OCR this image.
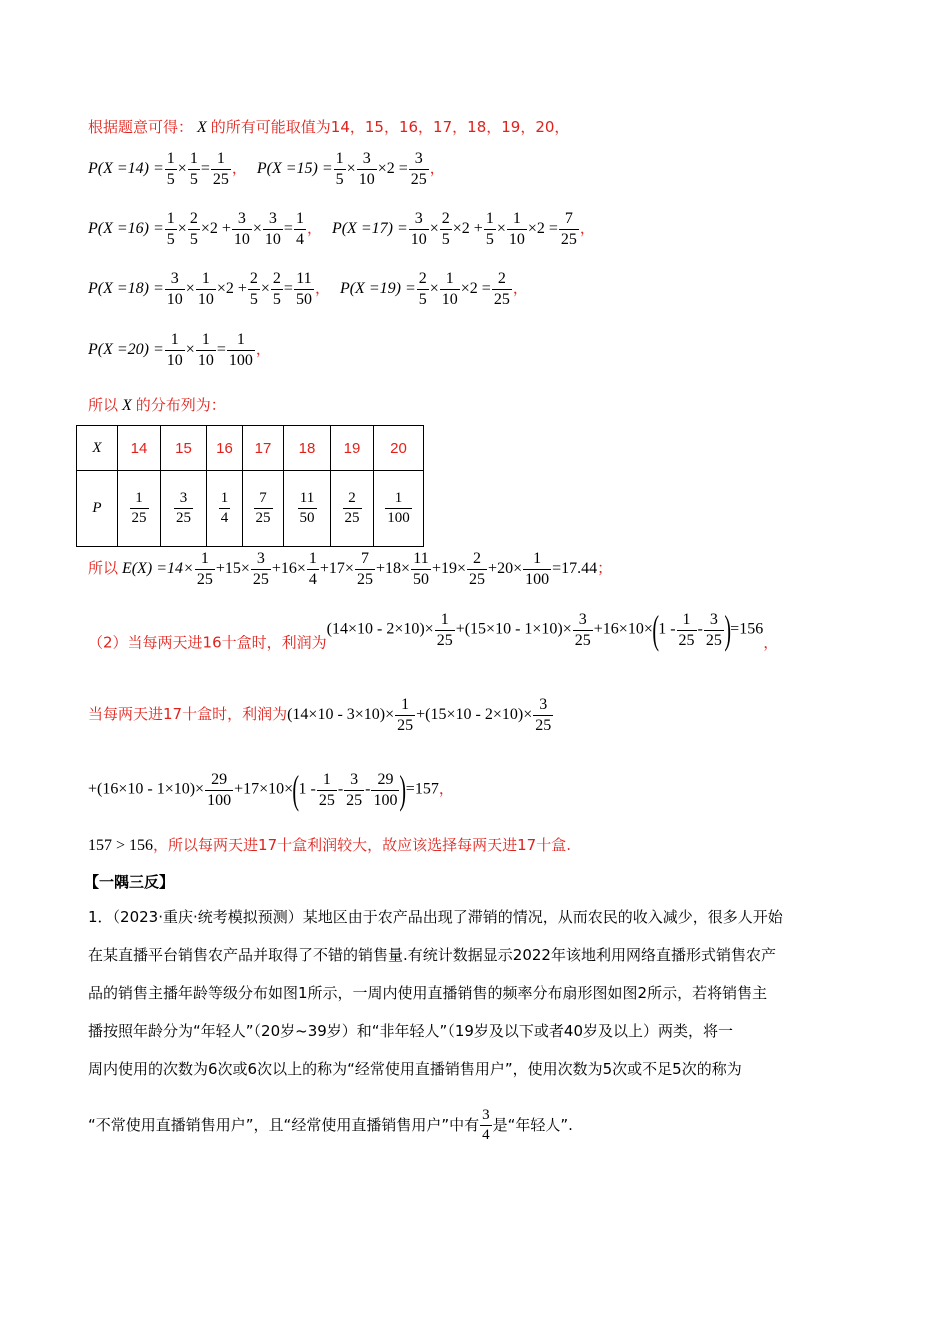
根据题意可得： X 的所有可能取值为14，15，16，17，18，19，20，
$P(X =14) = \frac{1}{5} \times \frac{1}{5} = \frac{1}{25}$ ， $P(X =15) = \frac{1}{5} \times \frac{3}{10} \times 2 = \frac{3}{25}$ ，
$P(X =16) = \frac{1}{5} \times \frac{2}{5} \times 2 + \frac{3}{10} \times \frac{3}{10} = \frac{1}{4}$ ， $P(X =17) = \frac{3}{10} \times \frac{2}{5} \times 2 + \frac{1}{5} \times \frac{1}{10} \times 2 = \frac{7}{25}$ ，
$P(X =18) = \frac{3}{10} \times \frac{1}{10} \times 2 + \frac{2}{5} \times \frac{2}{5} = \frac{11}{50}$ ， $P(X =19) = \frac{2}{5} \times \frac{1}{10} \times 2 = \frac{2}{25}$ ，
$P(X =20) = \frac{1}{10} \times \frac{1}{10} = \frac{1}{100}$ ，
所以 X 的分布列为：
X	14	15	16	17	18	19	20
P	$\frac{1}{25}$	$\frac{3}{25}$	$\frac{1}{4}$	$\frac{7}{25}$	$\frac{11}{50}$	$\frac{2}{25}$	$\frac{1}{100}$
所以 $E(X) =14\times \frac{1}{25} +15\times \frac{3}{25} +16\times \frac{1}{4} +17\times \frac{7}{25} +18\times \frac{11}{50} +19\times \frac{2}{25} +20\times \frac{1}{100} =17.44$；
（2）当每两天进16十盒时，利润为$(14\times 10 - 2\times 10)\times \frac{1}{25} +(15\times 10 - 1\times 10)\times \frac{3}{25} +16\times 10\times(1 - \frac{1}{25} - \frac{3}{25} )=156$，
当每两天进17十盒时，利润为$(14\times 10 - 3\times 10)\times \frac{1}{25} +(15\times 10 - 2\times 10)\times \frac{3}{25}$
$+(16\times 10 - 1\times 10)\times \frac{29}{100} +17\times 10\times(1 - \frac{1}{25} - \frac{3}{25} - \frac{29}{100} )=157$，
157 > 156，所以每两天进17十盒利润较大，故应该选择每两天进17十盒.
【一隅三反】
1．（2023·重庆·统考模拟预测）某地区由于农产品出现了滞销的情况，从而农民的收入减少，很多人开始
在某直播平台销售农产品并取得了不错的销售量.有统计数据显示2022年该地利用网络直播形式销售农产
品的销售主播年龄等级分布如图1所示，一周内使用直播销售的频率分布扇形图如图2所示，若将销售主
播按照年龄分为“年轻人”（20岁~39岁）和“非年轻人”（19岁及以下或者40岁及以上）两类，将一
周内使用的次数为6次或6次以上的称为“经常使用直播销售用户”，使用次数为5次或不足5次的称为
“不常使用直播销售用户”，且“经常使用直播销售用户”中有 $\frac{3}{4}$ 是“年轻人”.
